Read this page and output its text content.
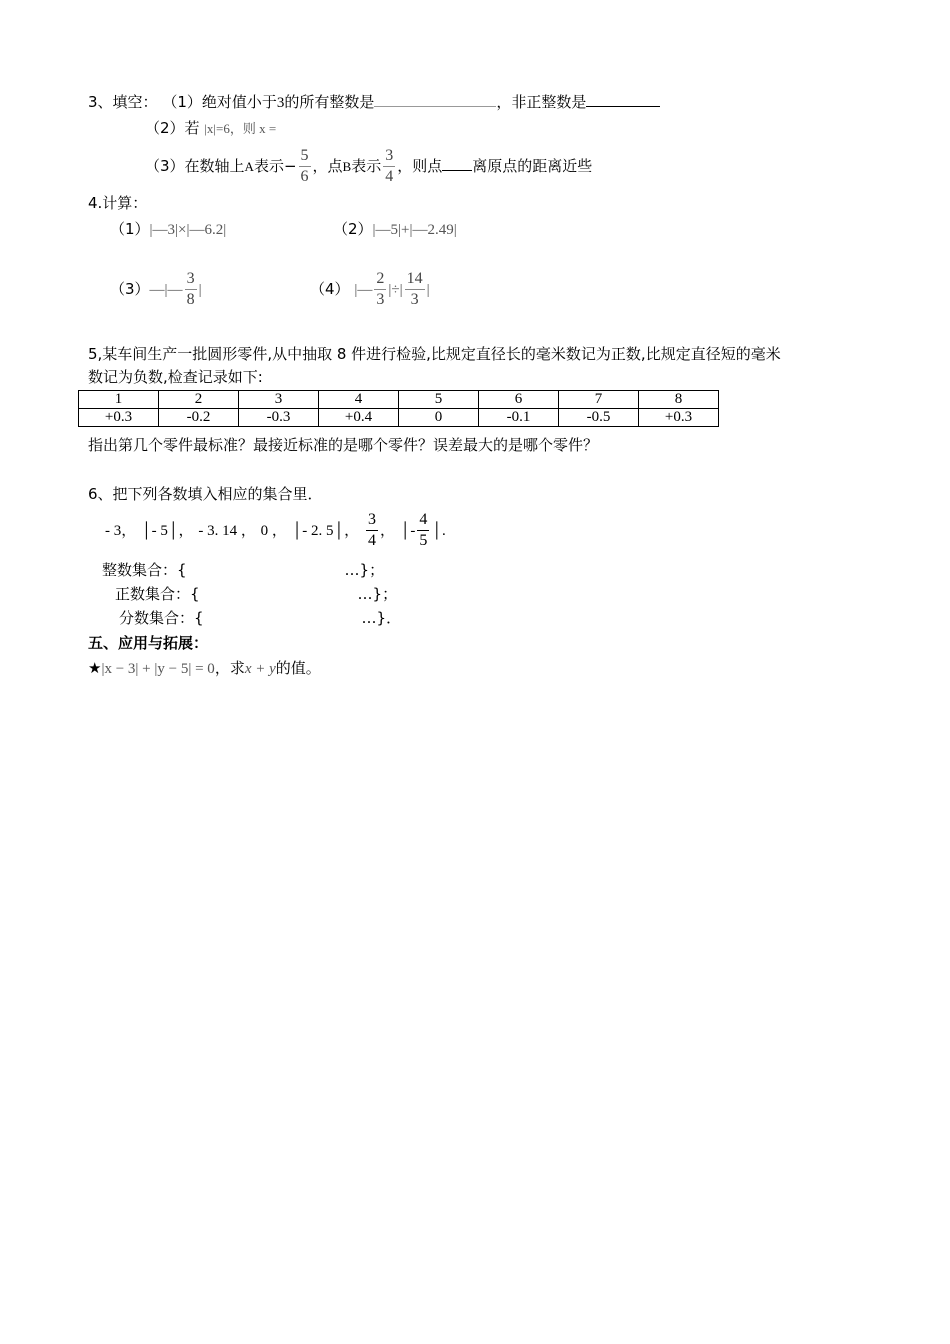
3、填空： （1）绝对值小于3的所有整数是	，非正整数是
（2）若 |x|=6，则 x =
（3）在数轴上A表示− $\frac{5}{6}$ ，点B表示 $\frac{3}{4}$ ，则点 离原点的距离近些
4.计算：
（1）|—3|×|—6.2|	（2）|—5|+|—2.49|
（3）—|— $\frac{3}{8}$ |	（4） |— $\frac{2}{3}$ |÷| $\frac{14}{3}$ |
5,某车间生产一批圆形零件,从中抽取 8 件进行检验,比规定直径长的毫米数记为正数,比规定直径短的毫米
数记为负数,检查记录如下:
1	2	3	4	5	6	7	8
+0.3	-0.2	-0.3	+0.4	0	-0.1	-0.5	+0.3
指出第几个零件最标准？最接近标准的是哪个零件？误差最大的是哪个零件？
6、把下列各数填入相应的集合里．
- 3， │- 5│， - 3. 14 ， 0 ， │- 2. 5│， $\frac{3}{4}$ ， │- $\frac{4}{5}$ │.
整数集合：{	…}；
正数集合：{	…}；
分数集合：{	…}．
五、应用与拓展：
★|x − 3| + |y − 5| = 0，求x + y的值。
